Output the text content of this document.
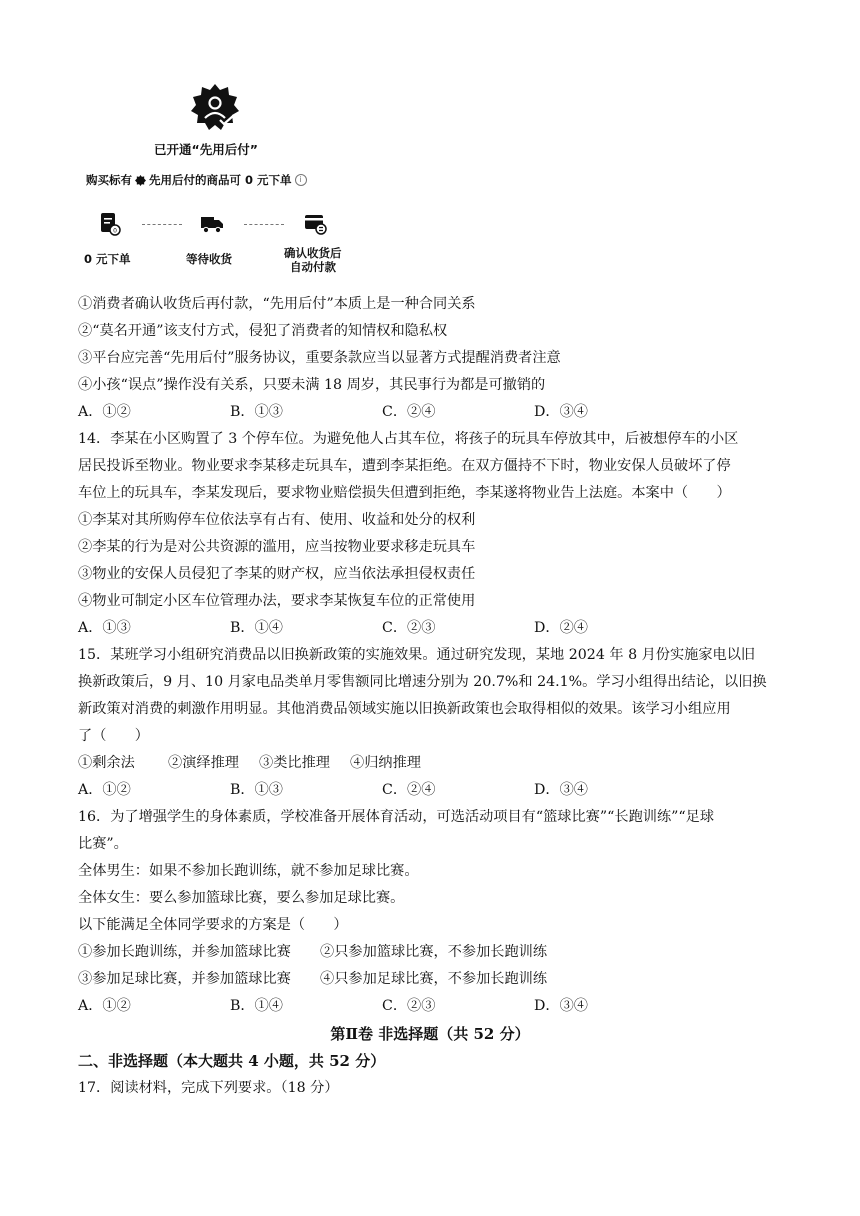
已开通“先用后付”
购买标有 先用后付的商品可 0 元下单 i
0
0 元下单	等待收货	确认收货后
自动付款
①消费者确认收货后再付款，“先用后付”本质上是一种合同关系
②“莫名开通”该支付方式，侵犯了消费者的知情权和隐私权
③平台应完善“先用后付”服务协议，重要条款应当以显著方式提醒消费者注意
④小孩“误点”操作没有关系，只要未满 18 周岁，其民事行为都是可撤销的
A．①②	B．①③	C．②④	D．③④
14．李某在小区购置了 3 个停车位。为避免他人占其车位，将孩子的玩具车停放其中，后被想停车的小区
居民投诉至物业。物业要求李某移走玩具车，遭到李某拒绝。在双方僵持不下时，物业安保人员破坏了停
车位上的玩具车，李某发现后，要求物业赔偿损失但遭到拒绝，李某遂将物业告上法庭。本案中（　　）
①李某对其所购停车位依法享有占有、使用、收益和处分的权利
②李某的行为是对公共资源的滥用，应当按物业要求移走玩具车
③物业的安保人员侵犯了李某的财产权，应当依法承担侵权责任
④物业可制定小区车位管理办法，要求李某恢复车位的正常使用
A．①③	B．①④	C．②③	D．②④
15．某班学习小组研究消费品以旧换新政策的实施效果。通过研究发现，某地 2024 年 8 月份实施家电以旧
换新政策后，9 月、10 月家电品类单月零售额同比增速分别为 20.7%和 24.1%。学习小组得出结论，以旧换
新政策对消费的刺激作用明显。其他消费品领域实施以旧换新政策也会取得相似的效果。该学习小组应用
了（　　）
①剩余法 ②演绎推理 ③类比推理 ④归纳推理
A．①②	B．①③	C．②④	D．③④
16．为了增强学生的身体素质，学校准备开展体育活动，可选活动项目有“篮球比赛”“长跑训练”“足球
比赛”。
全体男生：如果不参加长跑训练，就不参加足球比赛。
全体女生：要么参加篮球比赛，要么参加足球比赛。
以下能满足全体同学要求的方案是（　　）
①参加长跑训练，并参加篮球比赛 ②只参加篮球比赛，不参加长跑训练
③参加足球比赛，并参加篮球比赛 ④只参加足球比赛，不参加长跑训练
A．①②	B．①④	C．②③	D．③④
第Ⅱ卷 非选择题（共 52 分）
二、非选择题（本大题共 4 小题，共 52 分）
17．阅读材料，完成下列要求。（18 分）
